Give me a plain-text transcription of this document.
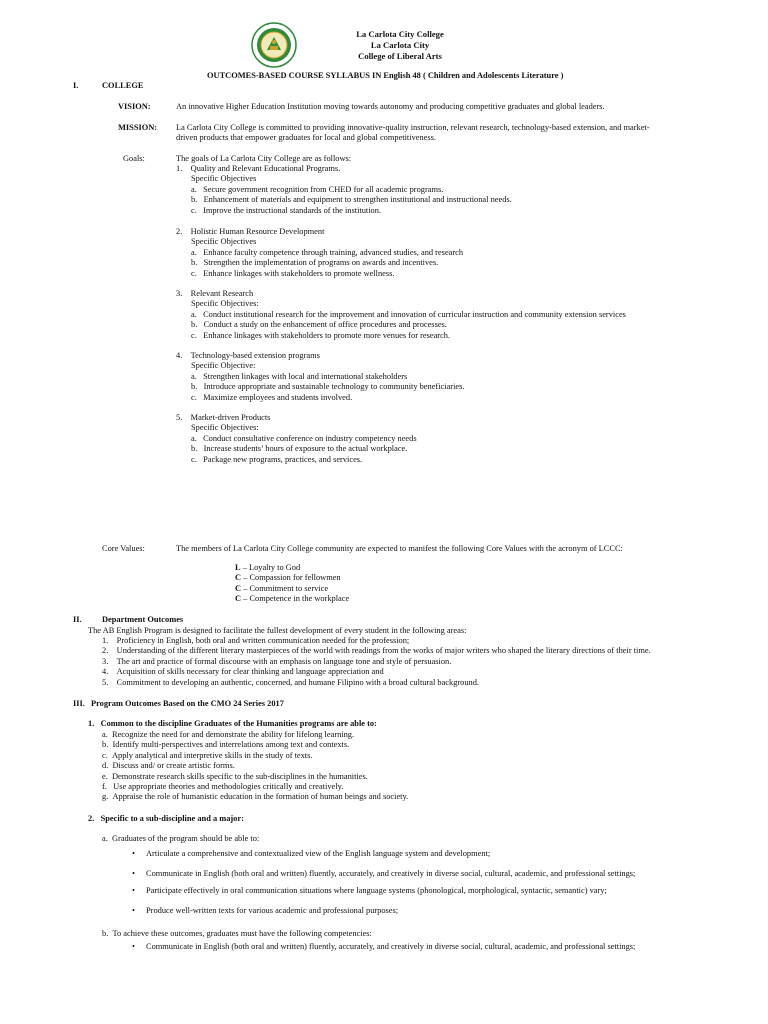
La Carlota City College
La Carlota City
College of Liberal Arts
OUTCOMES-BASED COURSE SYLLABUS IN English 48 ( Children and Adolescents Literature )
I.	COLLEGE
VISION:	An innovative Higher Education Institution moving towards autonomy and producing competitive graduates and global leaders.
MISSION: La Carlota City College is committed to providing innovative-quality instruction, relevant research, technology-based extension, and market-
driven products that empower graduates for local and global competitiveness.
Goals:	The goals of La Carlota City College are as follows:
1. Quality and Relevant Educational Programs.
Specific Objectives
a.   Secure government recognition from CHED for all academic programs.
b.   Enhancement of materials and equipment to strengthen institutional and instructional needs.
c.   Improve the instructional standards of the institution.
2. Holistic Human Resource Development
Specific Objectives
a.   Enhance faculty competence through training, advanced studies, and research
b.   Strengthen the implementation of programs on awards and incentives.
c.   Enhance linkages with stakeholders to promote wellness.
3. Relevant Research
Specific Objectives:
a.   Conduct institutional research for the improvement and innovation of curricular instruction and community extension services
b.   Conduct a study on the enhancement of office procedures and processes.
c.   Enhance linkages with stakeholders to promote more venues for research.
4. Technology-based extension programs
Specific Objective:
a.   Strengthen linkages with local and international stakeholders
b.   Introduce appropriate and sustainable technology to community beneficiaries.
c.   Maximize employees and students involved.
5. Market-driven Products
Specific Objectives:
a.   Conduct consultative conference on industry competency needs
b.   Increase students’ hours of exposure to the actual workplace.
c.   Package new programs, practices, and services.
Core Values:	The members of La Carlota City College community are expected to manifest the following Core Values with the acronym of LCCC:
L – Loyalty to God
C – Compassion for fellowmen
C – Commitment to service
C – Competence in the workplace
II. Department Outcomes
The AB English Program is designed to facilitate the fullest development of every student in the following areas:
1.    Proficiency in English, both oral and written communication needed for the profession;
2.    Understanding of the different literary masterpieces of the world with readings from the works of major writers who shaped the literary directions of their time.
3.    The art and practice of formal discourse with an emphasis on language tone and style of persuasion.
4.    Acquisition of skills necessary for clear thinking and language appreciation and
5.    Commitment to developing an authentic, concerned, and humane Filipino with a broad cultural background.
III. Program Outcomes Based on the CMO 24 Series 2017
1.   Common to the discipline Graduates of the Humanities programs are able to:
a.  Recognize the need for and demonstrate the ability for lifelong learning.
b.  Identify multi-perspectives and interrelations among text and contexts.
c.  Apply analytical and interpretive skills in the study of texts.
d.  Discuss and/ or create artistic forms.
e.  Demonstrate research skills specific to the sub-disciplines in the humanities.
f.   Use appropriate theories and methodologies critically and creatively.
g.  Appraise the role of humanistic education in the formation of human beings and society.
2.   Specific to a sub-discipline and a major:
a.  Graduates of the program should be able to:
• Articulate a comprehensive and contextualized view of the English language system and development;
• Communicate in English (both oral and written) fluently, accurately, and creatively in diverse social, cultural, academic, and professional settings;
• Participate effectively in oral communication situations where language systems (phonological, morphological, syntactic, semantic) vary;
• Produce well-written texts for various academic and professional purposes;
b.  To achieve these outcomes, graduates must have the following competencies:
• Communicate in English (both oral and written) fluently, accurately, and creatively in diverse social, cultural, academic, and professional settings;
